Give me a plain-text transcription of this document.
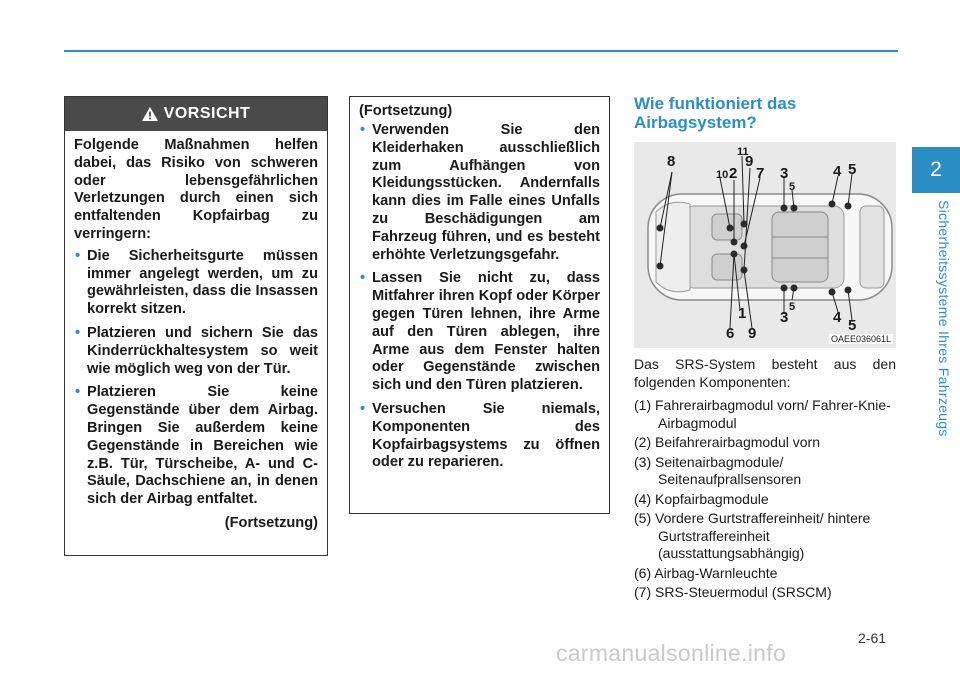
2
Sicherheitssysteme Ihres Fahrzeugs
VORSICHT

Folgende Maßnahmen helfen dabei, das Risiko von schweren oder lebensgefährlichen Verletzungen durch einen sich entfaltenden Kopfairbag zu verringern:

• Die Sicherheitsgurte müssen immer angelegt werden, um zu gewährleisten, dass die Insassen korrekt sitzen.
• Platzieren und sichern Sie das Kinderrückhaltesystem so weit wie möglich weg von der Tür.
• Platzieren Sie keine Gegenstände über dem Airbag. Bringen Sie außerdem keine Gegenstände in Bereichen wie z.B. Tür, Türscheibe, A- und C-Säule, Dachschiene an, in denen sich der Airbag entfaltet.

(Fortsetzung)

(Fortsetzung)
• Verwenden Sie den Kleiderhaken ausschließlich zum Aufhängen von Kleidungsstücken. Andernfalls kann dies im Falle eines Unfalls zu Beschädigungen am Fahrzeug führen, und es besteht erhöhte Verletzungsgefahr.
• Lassen Sie nicht zu, dass Mitfahrer ihren Kopf oder Körper gegen Türen lehnen, ihre Arme auf den Türen ablegen, ihre Arme aus dem Fenster halten oder Gegenstände zwischen sich und den Türen platzieren.
• Versuchen Sie niemals, Komponenten des Kopfairbagsystems zu öffnen oder zu reparieren.
Wie funktioniert das Airbagsystem?
8
11
9
10 2 7 3
5
4 5
1	5
6 9
3	4 5
OAEE036061L

Das SRS-System besteht aus den folgenden Komponenten:

(1) Fahrerairbagmodul vorn/ Fahrer-Knie-Airbagmodul
(2) Beifahrerairbagmodul vorn
(3) Seitenairbagmodule/ Seitenaufprallsensoren
(4) Kopfairbagmodule
(5) Vordere Gurtstraffereinheit/ hintere Gurtstraffereinheit (ausstattungsabhängig)
(6) Airbag-Warnleuchte
(7) SRS-Steuermodul (SRSCM)
2-61
carmanualsonline.info
